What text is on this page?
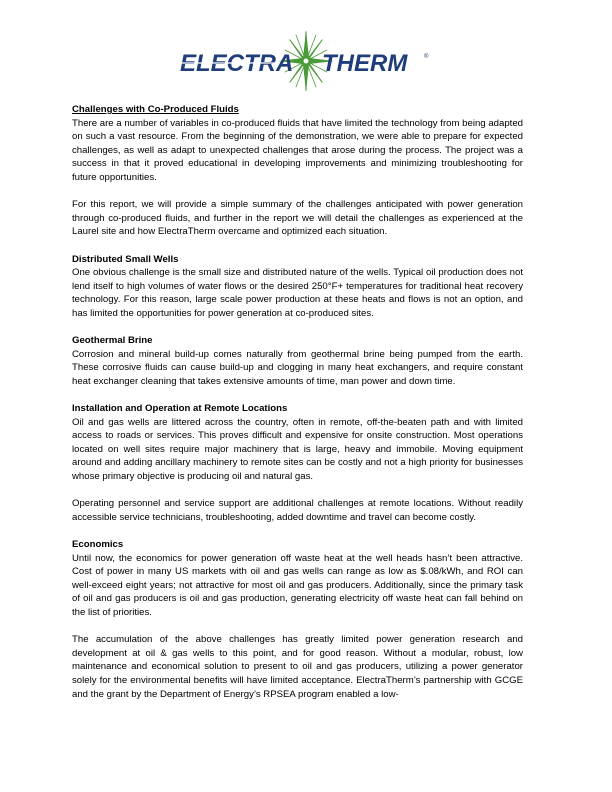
ELECTRA THERM	®
Challenges with Co-Produced Fluids

There are a number of variables in co-produced fluids that have limited the technology from being adapted on such a vast resource. From the beginning of the demonstration, we were able to prepare for expected challenges, as well as adapt to unexpected challenges that arose during the process. The project was a success in that it proved educational in developing improvements and minimizing troubleshooting for future opportunities.

For this report, we will provide a simple summary of the challenges anticipated with power generation through co-produced fluids, and further in the report we will detail the challenges as experienced at the Laurel site and how ElectraTherm overcame and optimized each situation.

Distributed Small Wells

One obvious challenge is the small size and distributed nature of the wells. Typical oil production does not lend itself to high volumes of water flows or the desired 250°F+ temperatures for traditional heat recovery technology. For this reason, large scale power production at these heats and flows is not an option, and has limited the opportunities for power generation at co-produced sites.

Geothermal Brine

Corrosion and mineral build-up comes naturally from geothermal brine being pumped from the earth. These corrosive fluids can cause build-up and clogging in many heat exchangers, and require constant heat exchanger cleaning that takes extensive amounts of time, man power and down time.

Installation and Operation at Remote Locations

Oil and gas wells are littered across the country, often in remote, off-the-beaten path and with limited access to roads or services. This proves difficult and expensive for onsite construction. Most operations located on well sites require major machinery that is large, heavy and immobile. Moving equipment around and adding ancillary machinery to remote sites can be costly and not a high priority for businesses whose primary objective is producing oil and natural gas.

Operating personnel and service support are additional challenges at remote locations. Without readily accessible service technicians, troubleshooting, added downtime and travel can become costly.

Economics

Until now, the economics for power generation off waste heat at the well heads hasn’t been attractive. Cost of power in many US markets with oil and gas wells can range as low as $.08/kWh, and ROI can well-exceed eight years; not attractive for most oil and gas producers. Additionally, since the primary task of oil and gas producers is oil and gas production, generating electricity off waste heat can fall behind on the list of priorities.

The accumulation of the above challenges has greatly limited power generation research and development at oil & gas wells to this point, and for good reason. Without a modular, robust, low maintenance and economical solution to present to oil and gas producers, utilizing a power generator solely for the environmental benefits will have limited acceptance. ElectraTherm’s partnership with GCGE and the grant by the Department of Energy’s RPSEA program enabled a low-
